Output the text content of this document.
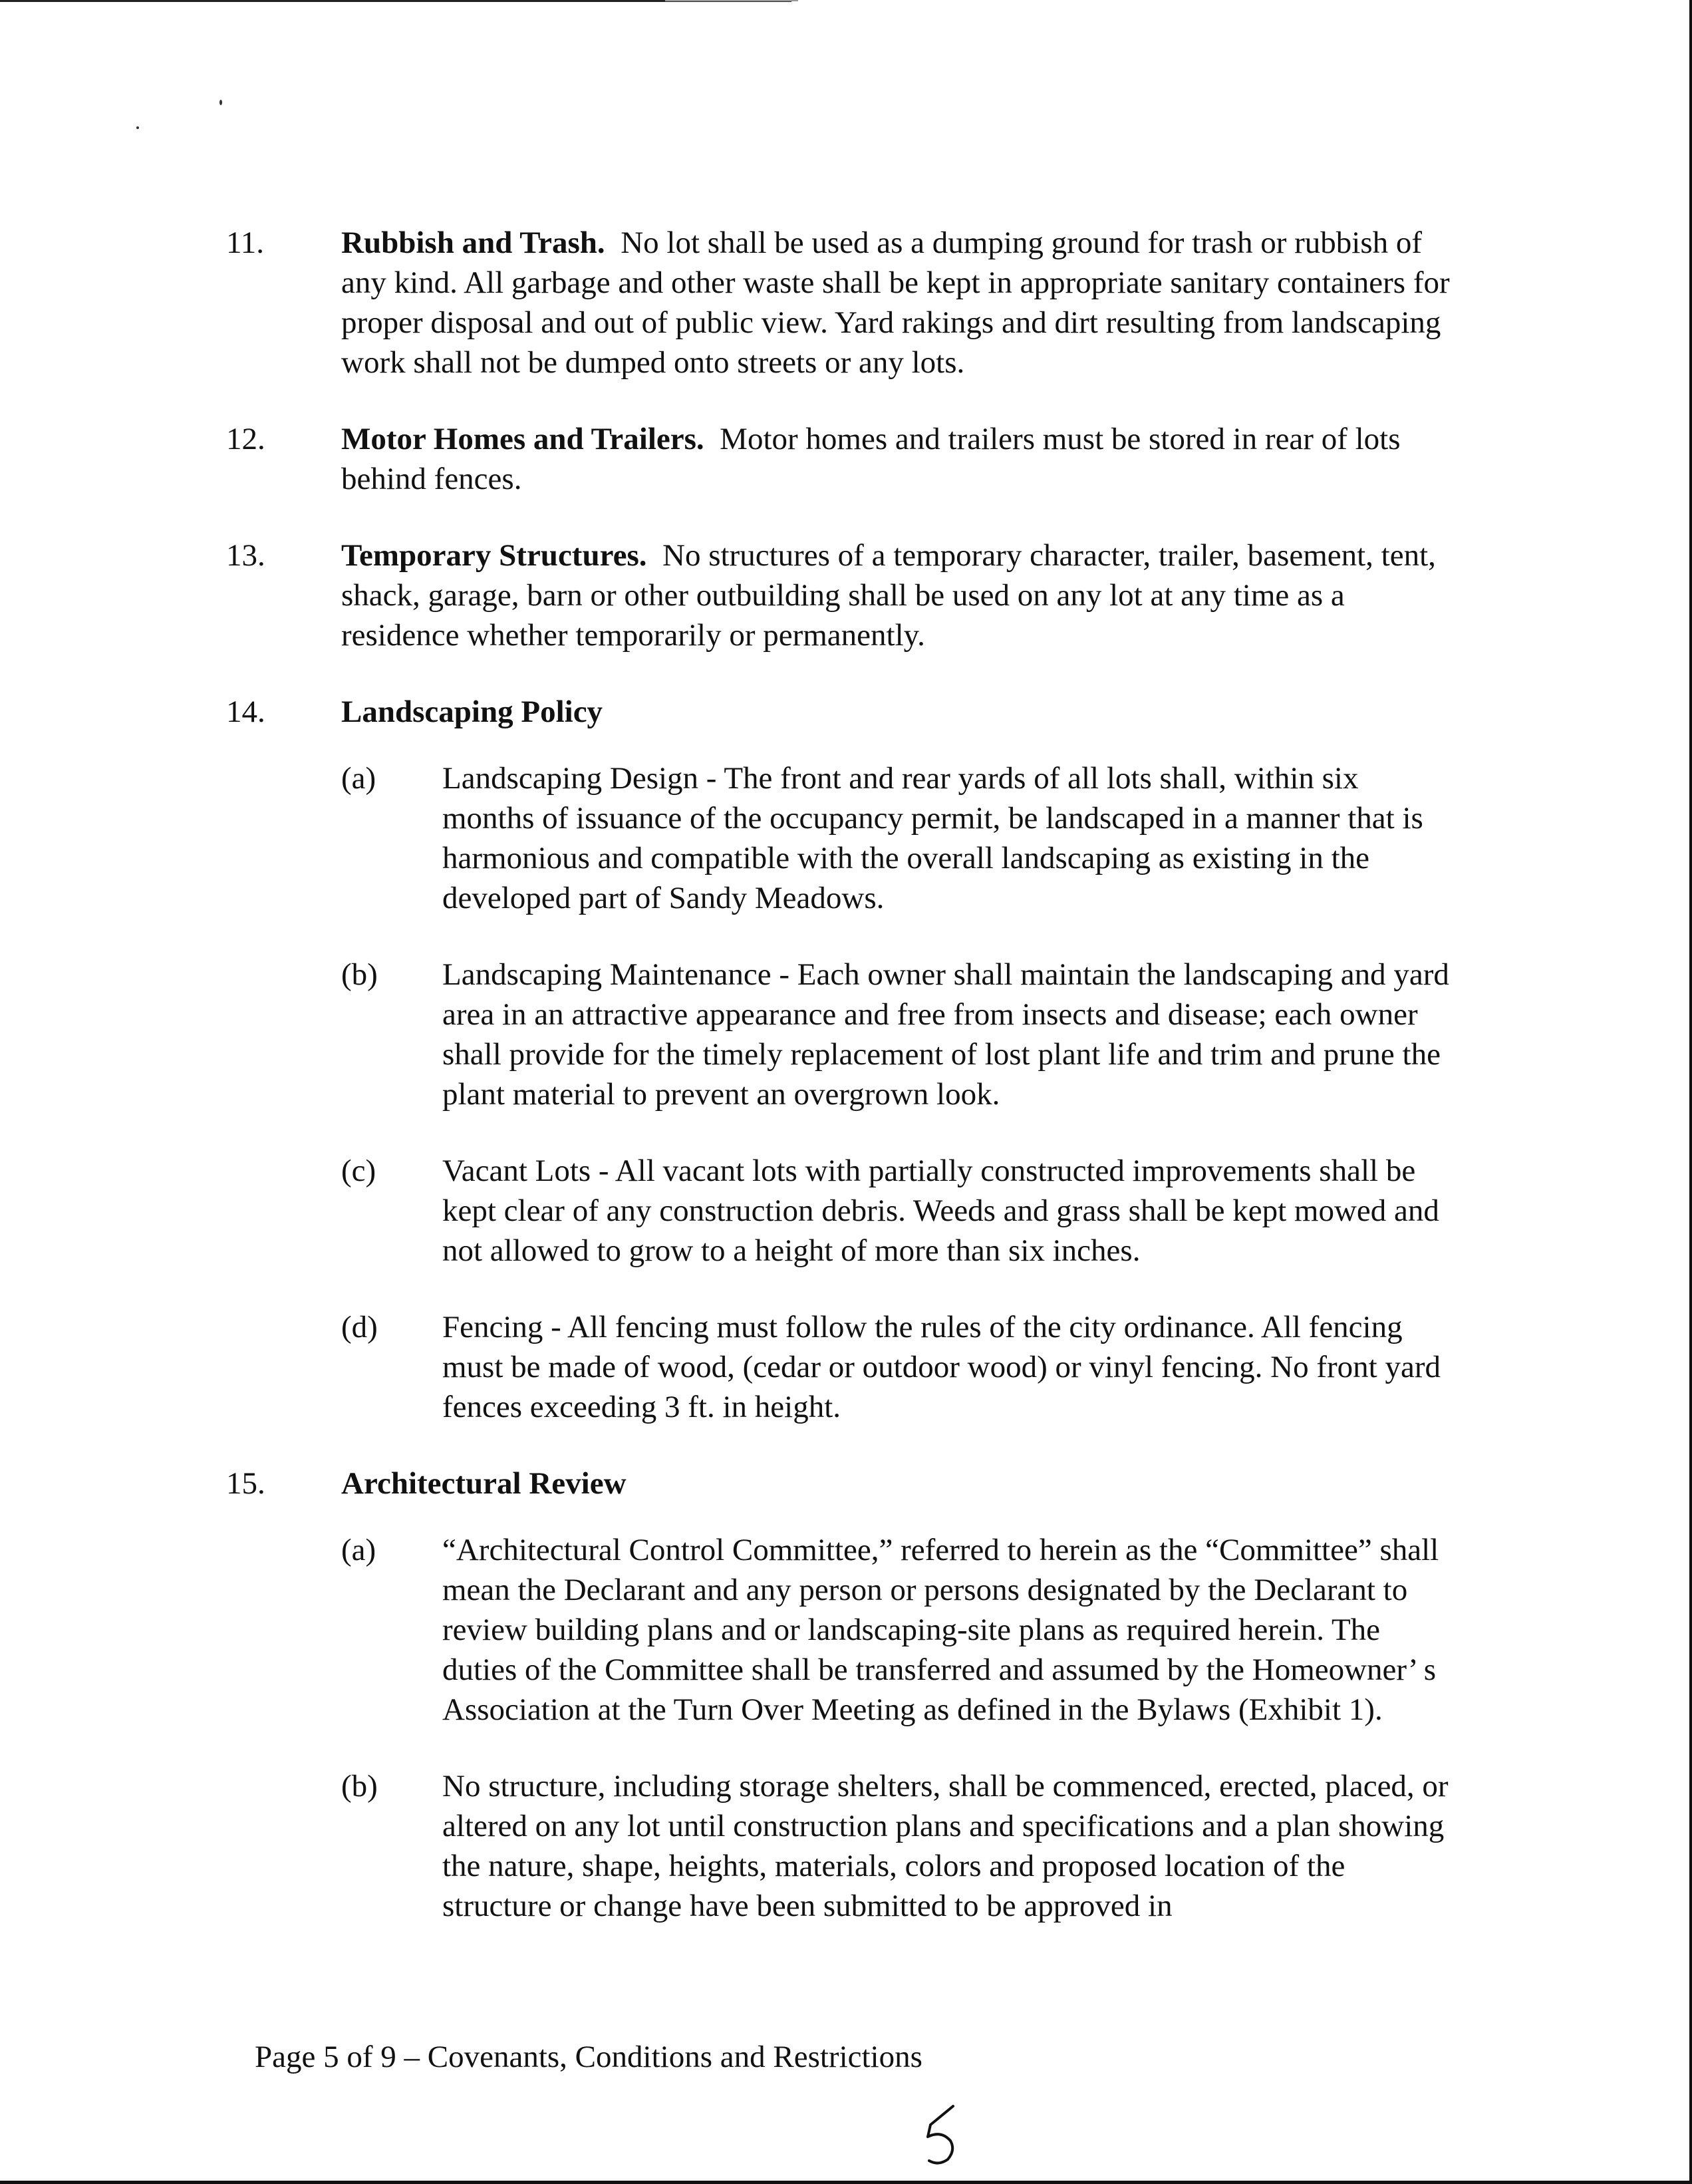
11.	Rubbish and Trash. No lot shall be used as a dumping ground for trash or rubbish of any kind. All garbage and other waste shall be kept in appropriate sanitary containers for proper disposal and out of public view. Yard rakings and dirt resulting from landscaping work shall not be dumped onto streets or any lots.
12.	Motor Homes and Trailers. Motor homes and trailers must be stored in rear of lots behind fences.
13.	Temporary Structures. No structures of a temporary character, trailer, basement, tent, shack, garage, barn or other outbuilding shall be used on any lot at any time as a residence whether temporarily or permanently.
14.	Landscaping Policy
(a)	Landscaping Design - The front and rear yards of all lots shall, within six months of issuance of the occupancy permit, be landscaped in a manner that is harmonious and compatible with the overall landscaping as existing in the developed part of Sandy Meadows.
(b)	Landscaping Maintenance - Each owner shall maintain the landscaping and yard area in an attractive appearance and free from insects and disease; each owner shall provide for the timely replacement of lost plant life and trim and prune the plant material to prevent an overgrown look.
(c)	Vacant Lots - All vacant lots with partially constructed improvements shall be kept clear of any construction debris. Weeds and grass shall be kept mowed and not allowed to grow to a height of more than six inches.
(d)	Fencing - All fencing must follow the rules of the city ordinance. All fencing must be made of wood, (cedar or outdoor wood) or vinyl fencing. No front yard fences exceeding 3 ft. in height.
15.	Architectural Review
(a)	“Architectural Control Committee,” referred to herein as the “Committee” shall mean the Declarant and any person or persons designated by the Declarant to review building plans and or landscaping-site plans as required herein. The duties of the Committee shall be transferred and assumed by the Homeowner’ s Association at the Turn Over Meeting as defined in the Bylaws (Exhibit 1).
(b)	No structure, including storage shelters, shall be commenced, erected, placed, or altered on any lot until construction plans and specifications and a plan showing the nature, shape, heights, materials, colors and proposed location of the structure or change have been submitted to be approved in
Page 5 of 9 – Covenants, Conditions and Restrictions
